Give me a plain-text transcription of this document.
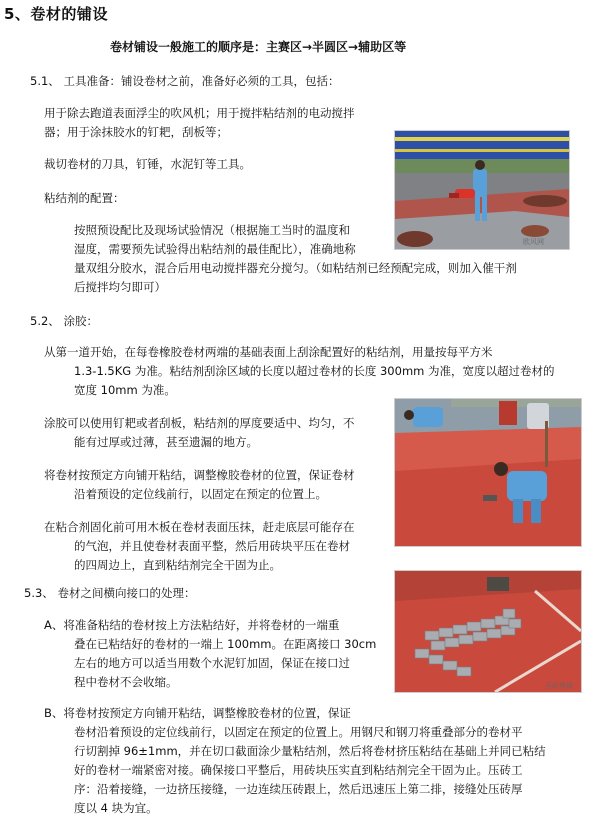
5、卷材的铺设
卷材铺设一般施工的顺序是：主赛区→半圆区→辅助区等
5.1、 工具准备：铺设卷材之前，准备好必须的工具，包括：
用于除去跑道表面浮尘的吹风机；用于搅拌粘结剂的电动搅拌
器；用于涂抹胶水的钉耙，刮板等；
裁切卷材的刀具，钉锤，水泥钉等工具。
粘结剂的配置：
按照预设配比及现场试验情况（根据施工当时的温度和
湿度，需要预先试验得出粘结剂的最佳配比），准确地称
量双组分胶水，混合后用电动搅拌器充分搅匀。（如粘结剂已经预配完成，则加入催干剂
后搅拌均匀即可）
欧风网
5.2、 涂胶：
从第一道开始，在每卷橡胶卷材两端的基础表面上刮涂配置好的粘结剂，用量按每平方米
1.3-1.5KG 为准。粘结剂刮涂区域的长度以超过卷材的长度 300mm 为准，宽度以超过卷材的
宽度 10mm 为准。
涂胶可以使用钉耙或者刮板，粘结剂的厚度要适中、均匀，不
能有过厚或过薄，甚至遗漏的地方。
将卷材按预定方向铺开粘结，调整橡胶卷材的位置，保证卷材
沿着预设的定位线前行，以固定在预定的位置上。
在粘合剂固化前可用木板在卷材表面压抹，赶走底层可能存在
的气泡，并且使卷材表面平整，然后用砖块平压在卷材
的四周边上，直到粘结剂完全干固为止。
5.3、 卷材之间横向接口的处理：
A、将准备粘结的卷材按上方法粘结好，并将卷材的一端重
叠在已粘结好的卷材的一端上 100mm。在距离接口 30cm
左右的地方可以适当用数个水泥钉加固，保证在接口过
程中卷材不会收缩。
B、将卷材按预定方向铺开粘结，调整橡胶卷材的位置，保证
卷材沿着预设的定位线前行，以固定在预定的位置上。用钢尺和钢刀将重叠部分的卷材平
行切割掉 96±1mm，并在切口截面涂少量粘结剂，然后将卷材挤压粘结在基础上并同已粘结
好的卷材一端紧密对接。确保接口平整后，用砖块压实直到粘结剂完全干固为止。压砖工
序：沿着接缝，一边挤压接缝，一边连续压砖跟上，然后迅速压上第二排，接缝处压砖厚
度以 4 块为宜。
压砖黑城
